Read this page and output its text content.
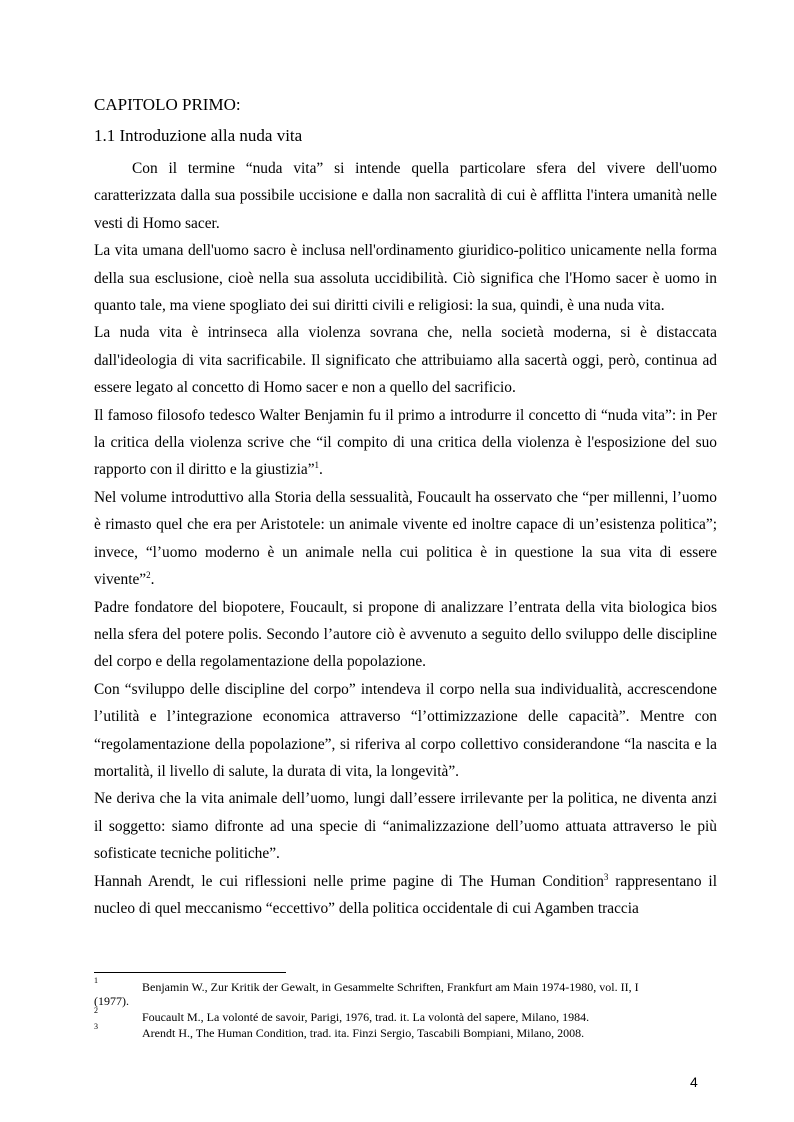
CAPITOLO PRIMO:
1.1 Introduzione alla nuda vita

Con il termine “nuda vita” si intende quella particolare sfera del vivere dell'uomo caratterizzata dalla sua possibile uccisione e dalla non sacralità di cui è afflitta l'intera umanità nelle vesti di Homo sacer.

La vita umana dell'uomo sacro è inclusa nell'ordinamento giuridico-politico unicamente nella forma della sua esclusione, cioè nella sua assoluta uccidibilità. Ciò significa che l'Homo sacer è uomo in quanto tale, ma viene spogliato dei sui diritti civili e religiosi: la sua, quindi, è una nuda vita.

La nuda vita è intrinseca alla violenza sovrana che, nella società moderna, si è distaccata dall'ideologia di vita sacrificabile. Il significato che attribuiamo alla sacertà oggi, però, continua ad essere legato al concetto di Homo sacer e non a quello del sacrificio.

Il famoso filosofo tedesco Walter Benjamin fu il primo a introdurre il concetto di “nuda vita”: in Per la critica della violenza scrive che “il compito di una critica della violenza è l'esposizione del suo rapporto con il diritto e la giustizia”$^1$.

Nel volume introduttivo alla Storia della sessualità, Foucault ha osservato che “per millenni, l’uomo è rimasto quel che era per Aristotele: un animale vivente ed inoltre capace di un’esistenza politica”; invece, “l’uomo moderno è un animale nella cui politica è in questione la sua vita di essere vivente”$^2$.

Padre fondatore del biopotere, Foucault, si propone di analizzare l’entrata della vita biologica bios nella sfera del potere polis. Secondo l’autore ciò è avvenuto a seguito dello sviluppo delle discipline del corpo e della regolamentazione della popolazione.

Con “sviluppo delle discipline del corpo” intendeva il corpo nella sua individualità, accrescendone l’utilità e l’integrazione economica attraverso “l’ottimizzazione delle capacità”. Mentre con “regolamentazione della popolazione”, si riferiva al corpo collettivo considerandone “la nascita e la mortalità, il livello di salute, la durata di vita, la longevità”.

Ne deriva che la vita animale dell’uomo, lungi dall’essere irrilevante per la politica, ne diventa anzi il soggetto: siamo difronte ad una specie di “animalizzazione dell’uomo attuata attraverso le più sofisticate tecniche politiche”.

Hannah Arendt, le cui riflessioni nelle prime pagine di The Human Condition$^3$ rappresentano il nucleo di quel meccanismo “eccettivo” della politica occidentale di cui Agamben traccia

1	Benjamin W., Zur Kritik der Gewalt, in Gesammelte Schriften, Frankfurt am Main 1974-1980, vol. II, I
(1977).
2	Foucault M., La volonté de savoir, Parigi, 1976, trad. it. La volontà del sapere, Milano, 1984.
3	Arendt H., The Human Condition, trad. ita. Finzi Sergio, Tascabili Bompiani, Milano, 2008.
4
